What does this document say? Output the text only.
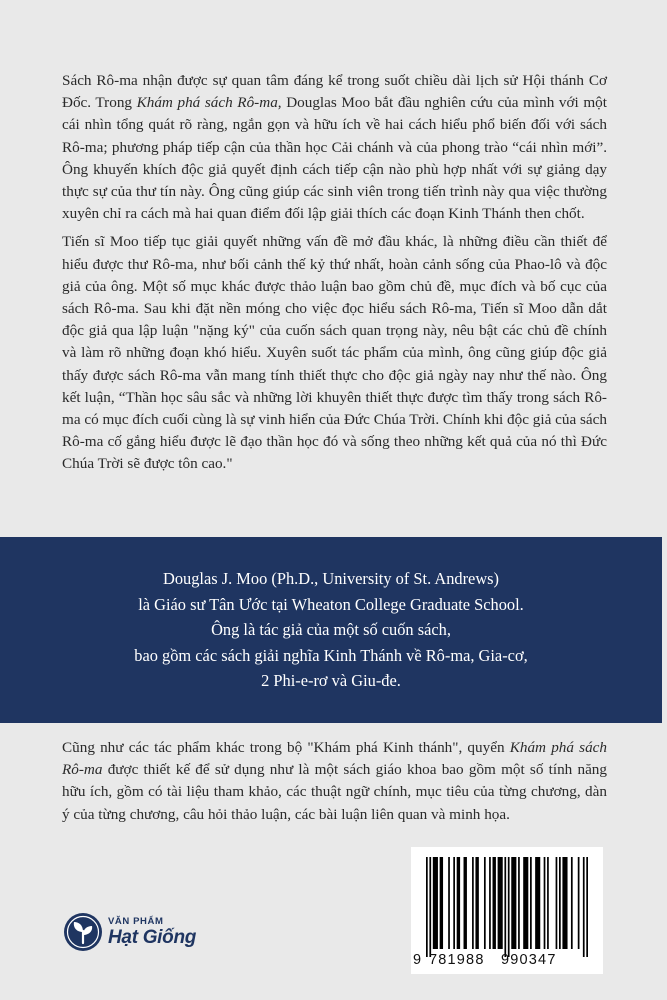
Sách Rô-ma nhận được sự quan tâm đáng kể trong suốt chiều dài lịch sử Hội thánh Cơ Đốc. Trong Khám phá sách Rô-ma, Douglas Moo bắt đầu nghiên cứu của mình với một cái nhìn tổng quát rõ ràng, ngắn gọn và hữu ích về hai cách hiểu phổ biến đối với sách Rô-ma; phương pháp tiếp cận của thần học Cải chánh và của phong trào “cái nhìn mới”. Ông khuyến khích độc giả quyết định cách tiếp cận nào phù hợp nhất với sự giảng dạy thực sự của thư tín này. Ông cũng giúp các sinh viên trong tiến trình này qua việc thường xuyên chỉ ra cách mà hai quan điểm đối lập giải thích các đoạn Kinh Thánh then chốt.

Tiến sĩ Moo tiếp tục giải quyết những vấn đề mở đầu khác, là những điều cần thiết để hiểu được thư Rô-ma, như bối cảnh thế kỷ thứ nhất, hoàn cảnh sống của Phao-lô và độc giả của ông. Một số mục khác được thảo luận bao gồm chủ đề, mục đích và bố cục của sách Rô-ma. Sau khi đặt nền móng cho việc đọc hiểu sách Rô-ma, Tiến sĩ Moo dẫn dắt độc giả qua lập luận "nặng ký" của cuốn sách quan trọng này, nêu bật các chủ đề chính và làm rõ những đoạn khó hiểu. Xuyên suốt tác phẩm của mình, ông cũng giúp độc giả thấy được sách Rô-ma vẫn mang tính thiết thực cho độc giả ngày nay như thế nào. Ông kết luận, “Thần học sâu sắc và những lời khuyên thiết thực được tìm thấy trong sách Rô-ma có mục đích cuối cùng là sự vinh hiển của Đức Chúa Trời. Chính khi độc giả của sách Rô-ma cố gắng hiểu được lẽ đạo thần học đó và sống theo những kết quả của nó thì Đức Chúa Trời sẽ được tôn cao."

Douglas J. Moo (Ph.D., University of St. Andrews)
là Giáo sư Tân Ước tại Wheaton College Graduate School.
Ông là tác giả của một số cuốn sách,
bao gồm các sách giải nghĩa Kinh Thánh về Rô-ma, Gia-cơ,
2 Phi-e-rơ và Giu-đe.

Cũng như các tác phẩm khác trong bộ "Khám phá Kinh thánh", quyển Khám phá sách Rô-ma được thiết kế để sử dụng như là một sách giáo khoa bao gồm một số tính năng hữu ích, gồm có tài liệu tham khảo, các thuật ngữ chính, mục tiêu của từng chương, dàn ý của từng chương, câu hỏi thảo luận, các bài luận liên quan và minh họa.

VĂN PHẨM
Hạt Giống
9 781988 990347
